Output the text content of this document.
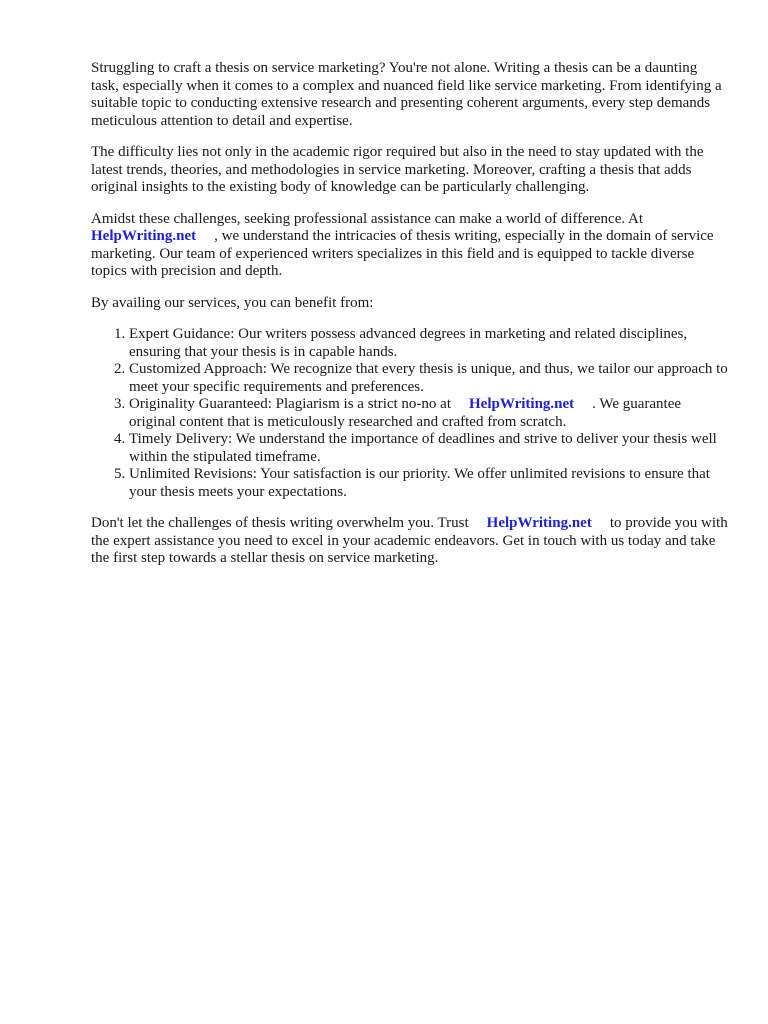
Struggling to craft a thesis on service marketing? You're not alone. Writing a thesis can be a daunting task, especially when it comes to a complex and nuanced field like service marketing. From identifying a suitable topic to conducting extensive research and presenting coherent arguments, every step demands meticulous attention to detail and expertise.

The difficulty lies not only in the academic rigor required but also in the need to stay updated with the latest trends, theories, and methodologies in service marketing. Moreover, crafting a thesis that adds original insights to the existing body of knowledge can be particularly challenging.

Amidst these challenges, seeking professional assistance can make a world of difference. At HelpWriting.net , we understand the intricacies of thesis writing, especially in the domain of service marketing. Our team of experienced writers specializes in this field and is equipped to tackle diverse topics with precision and depth.

By availing our services, you can benefit from:

1. Expert Guidance: Our writers possess advanced degrees in marketing and related disciplines, ensuring that your thesis is in capable hands.
2. Customized Approach: We recognize that every thesis is unique, and thus, we tailor our approach to meet your specific requirements and preferences.
3. Originality Guaranteed: Plagiarism is a strict no-no at HelpWriting.net . We guarantee original content that is meticulously researched and crafted from scratch.
4. Timely Delivery: We understand the importance of deadlines and strive to deliver your thesis well within the stipulated timeframe.
5. Unlimited Revisions: Your satisfaction is our priority. We offer unlimited revisions to ensure that your thesis meets your expectations.

Don't let the challenges of thesis writing overwhelm you. Trust HelpWriting.net to provide you with the expert assistance you need to excel in your academic endeavors. Get in touch with us today and take the first step towards a stellar thesis on service marketing.
